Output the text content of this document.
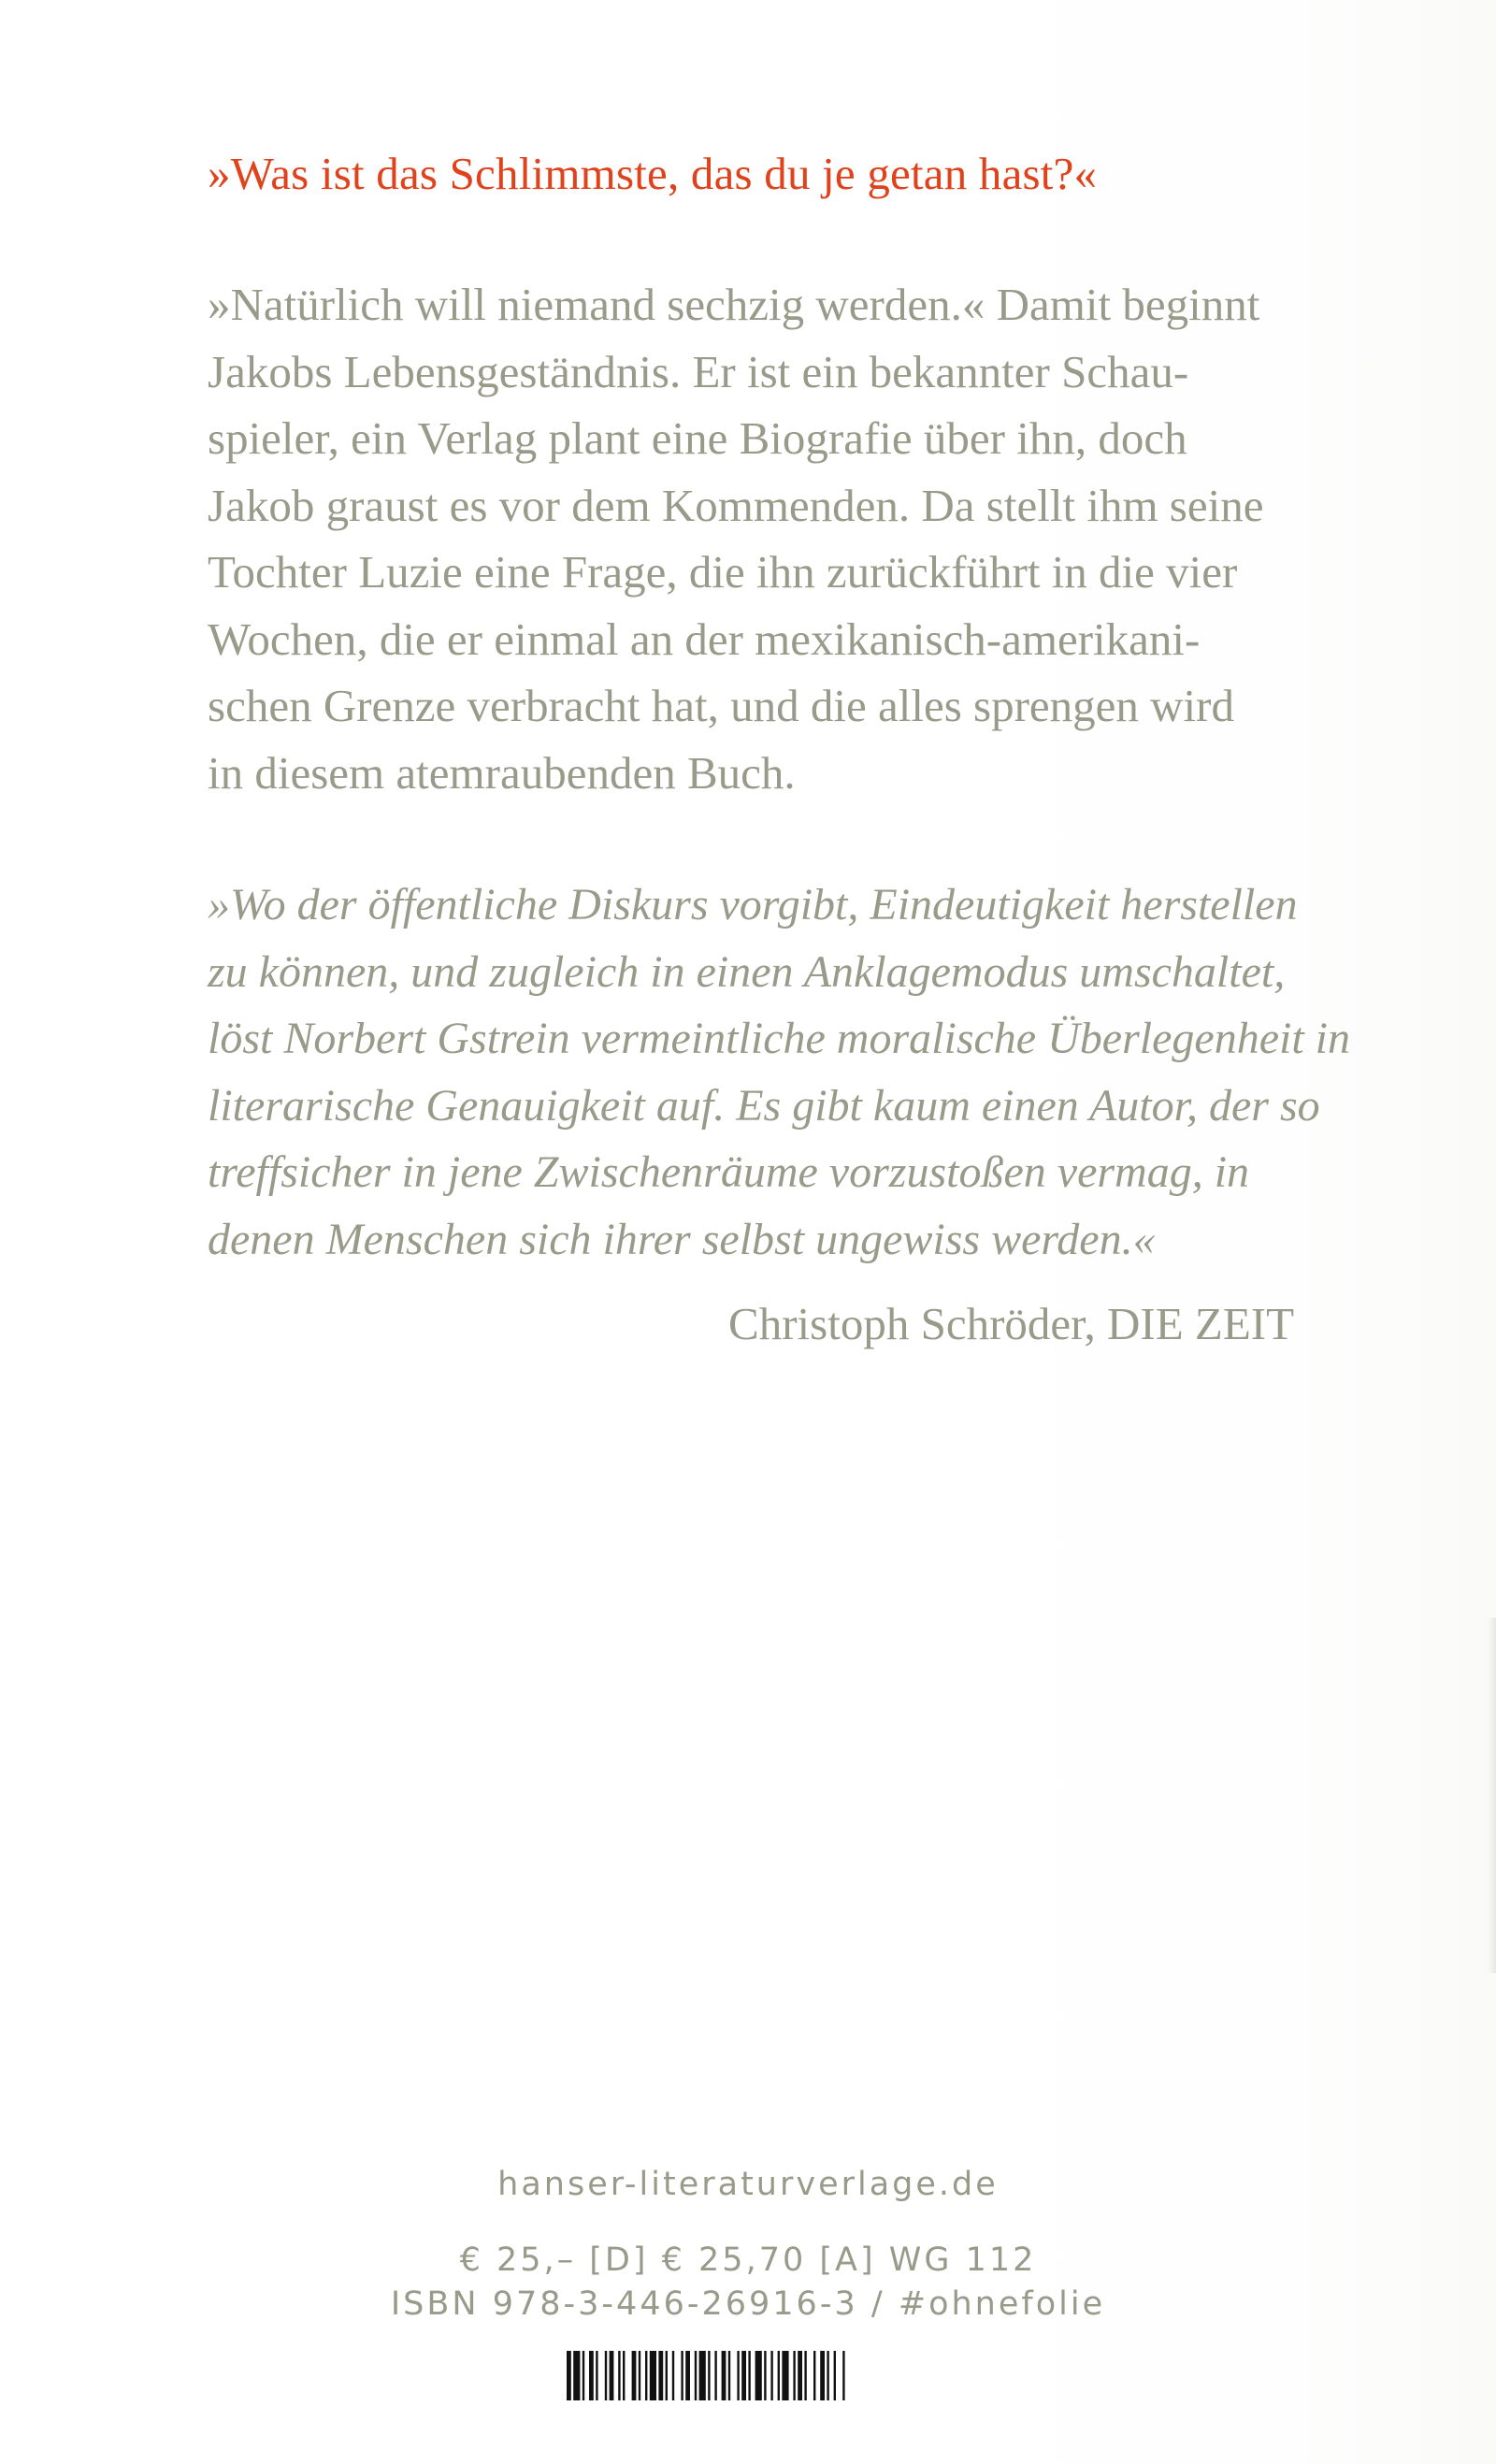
»Was ist das Schlimmste, das du je getan hast?«

»Natürlich will niemand sechzig werden.« Damit beginnt
Jakobs Lebensgeständnis. Er ist ein bekannter Schau-
spieler, ein Verlag plant eine Biografie über ihn, doch
Jakob graust es vor dem Kommenden. Da stellt ihm seine
Tochter Luzie eine Frage, die ihn zurückführt in die vier
Wochen, die er einmal an der mexikanisch-amerikani-
schen Grenze verbracht hat, und die alles sprengen wird
in diesem atemraubenden Buch.

»Wo der öffentliche Diskurs vorgibt, Eindeutigkeit herstellen
zu können, und zugleich in einen Anklagemodus umschaltet,
löst Norbert Gstrein vermeintliche moralische Überlegenheit in
literarische Genauigkeit auf. Es gibt kaum einen Autor, der so
treffsicher in jene Zwischenräume vorzustoßen vermag, in
denen Menschen sich ihrer selbst ungewiss werden.«

Christoph Schröder, DIE ZEIT

hanser-literaturverlage.de
€ 25,– [D] € 25,70 [A] WG 112
ISBN 978-3-446-26916-3 / #ohnefolie
